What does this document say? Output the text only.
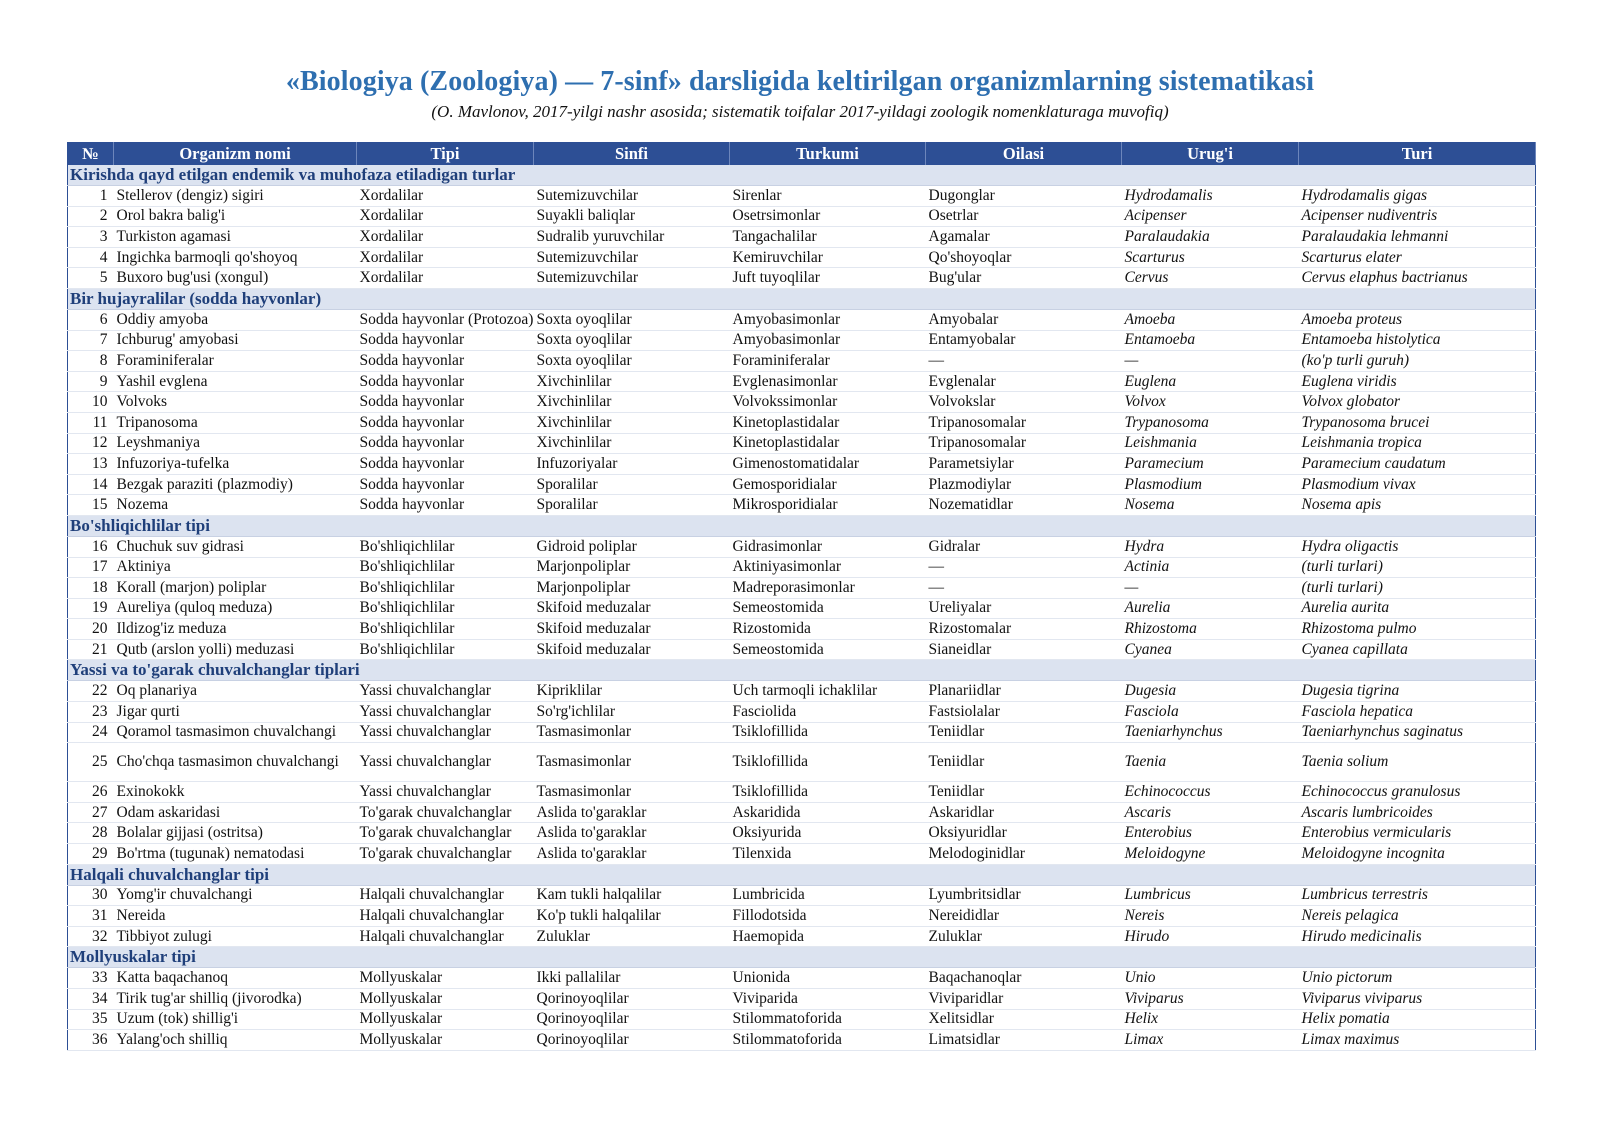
«Biologiya (Zoologiya) — 7-sinf» darsligida keltirilgan organizmlarning sistematikasi
(O. Mavlonov, 2017-yilgi nashr asosida; sistematik toifalar 2017-yildagi zoologik nomenklaturaga muvofiq)
№	Organizm nomi	Tipi	Sinfi	Turkumi	Oilasi	Urug'i	Turi
Kirishda qayd etilgan endemik va muhofaza etiladigan turlar							
1	Stellerov (dengiz) sigiri	Xordalilar	Sutemizuvchilar	Sirenlar	Dugonglar	Hydrodamalis	Hydrodamalis gigas
2	Orol bakra balig'i	Xordalilar	Suyakli baliqlar	Osetrsimonlar	Osetrlar	Acipenser	Acipenser nudiventris
3	Turkiston agamasi	Xordalilar	Sudralib yuruvchilar	Tangachalilar	Agamalar	Paralaudakia	Paralaudakia lehmanni
4	Ingichka barmoqli qo'shoyoq	Xordalilar	Sutemizuvchilar	Kemiruvchilar	Qo'shoyoqlar	Scarturus	Scarturus elater
5	Buxoro bug'usi (xongul)	Xordalilar	Sutemizuvchilar	Juft tuyoqlilar	Bug'ular	Cervus	Cervus elaphus bactrianus
Bir hujayralilar (sodda hayvonlar)							
6	Oddiy amyoba	Sodda hayvonlar (Protozoa)	Soxta oyoqlilar	Amyobasimonlar	Amyobalar	Amoeba	Amoeba proteus
7	Ichburug' amyobasi	Sodda hayvonlar	Soxta oyoqlilar	Amyobasimonlar	Entamyobalar	Entamoeba	Entamoeba histolytica
8	Foraminiferalar	Sodda hayvonlar	Soxta oyoqlilar	Foraminiferalar	—	—	(ko'p turli guruh)
9	Yashil evglena	Sodda hayvonlar	Xivchinlilar	Evglenasimonlar	Evglenalar	Euglena	Euglena viridis
10	Volvoks	Sodda hayvonlar	Xivchinlilar	Volvokssimonlar	Volvokslar	Volvox	Volvox globator
11	Tripanosoma	Sodda hayvonlar	Xivchinlilar	Kinetoplastidalar	Tripanosomalar	Trypanosoma	Trypanosoma brucei
12	Leyshmaniya	Sodda hayvonlar	Xivchinlilar	Kinetoplastidalar	Tripanosomalar	Leishmania	Leishmania tropica
13	Infuzoriya-tufelka	Sodda hayvonlar	Infuzoriyalar	Gimenostomatidalar	Parametsiylar	Paramecium	Paramecium caudatum
14	Bezgak paraziti (plazmodiy)	Sodda hayvonlar	Sporalilar	Gemosporidialar	Plazmodiylar	Plasmodium	Plasmodium vivax
15	Nozema	Sodda hayvonlar	Sporalilar	Mikrosporidialar	Nozematidlar	Nosema	Nosema apis
Bo'shliqichlilar tipi							
16	Chuchuk suv gidrasi	Bo'shliqichlilar	Gidroid poliplar	Gidrasimonlar	Gidralar	Hydra	Hydra oligactis
17	Aktiniya	Bo'shliqichlilar	Marjonpoliplar	Aktiniyasimonlar	—	Actinia	(turli turlari)
18	Korall (marjon) poliplar	Bo'shliqichlilar	Marjonpoliplar	Madreporasimonlar	—	—	(turli turlari)
19	Aureliya (quloq meduza)	Bo'shliqichlilar	Skifoid meduzalar	Semeostomida	Ureliyalar	Aurelia	Aurelia aurita
20	Ildizog'iz meduza	Bo'shliqichlilar	Skifoid meduzalar	Rizostomida	Rizostomalar	Rhizostoma	Rhizostoma pulmo
21	Qutb (arslon yolli) meduzasi	Bo'shliqichlilar	Skifoid meduzalar	Semeostomida	Sianeidlar	Cyanea	Cyanea capillata
Yassi va to'garak chuvalchanglar tiplari							
22	Oq planariya	Yassi chuvalchanglar	Kipriklilar	Uch tarmoqli ichaklilar	Planariidlar	Dugesia	Dugesia tigrina
23	Jigar qurti	Yassi chuvalchanglar	So'rg'ichlilar	Fasciolida	Fastsiolalar	Fasciola	Fasciola hepatica
24	Qoramol tasmasimon chuvalchangi	Yassi chuvalchanglar	Tasmasimonlar	Tsiklofillida	Teniidlar	Taeniarhynchus	Taeniarhynchus saginatus
25	Cho'chqa tasmasimon chuvalchangi	Yassi chuvalchanglar	Tasmasimonlar	Tsiklofillida	Teniidlar	Taenia	Taenia solium
26	Exinokokk	Yassi chuvalchanglar	Tasmasimonlar	Tsiklofillida	Teniidlar	Echinococcus	Echinococcus granulosus
27	Odam askaridasi	To'garak chuvalchanglar	Aslida to'garaklar	Askaridida	Askaridlar	Ascaris	Ascaris lumbricoides
28	Bolalar gijjasi (ostritsa)	To'garak chuvalchanglar	Aslida to'garaklar	Oksiyurida	Oksiyuridlar	Enterobius	Enterobius vermicularis
29	Bo'rtma (tugunak) nematodasi	To'garak chuvalchanglar	Aslida to'garaklar	Tilenxida	Melodoginidlar	Meloidogyne	Meloidogyne incognita
Halqali chuvalchanglar tipi							
30	Yomg'ir chuvalchangi	Halqali chuvalchanglar	Kam tukli halqalilar	Lumbricida	Lyumbritsidlar	Lumbricus	Lumbricus terrestris
31	Nereida	Halqali chuvalchanglar	Ko'p tukli halqalilar	Fillodotsida	Nereididlar	Nereis	Nereis pelagica
32	Tibbiyot zulugi	Halqali chuvalchanglar	Zuluklar	Haemopida	Zuluklar	Hirudo	Hirudo medicinalis
Mollyuskalar tipi							
33	Katta baqachanoq	Mollyuskalar	Ikki pallalilar	Unionida	Baqachanoqlar	Unio	Unio pictorum
34	Tirik tug'ar shilliq (jivorodka)	Mollyuskalar	Qorinoyoqlilar	Viviparida	Viviparidlar	Viviparus	Viviparus viviparus
35	Uzum (tok) shillig'i	Mollyuskalar	Qorinoyoqlilar	Stilommatoforida	Xelitsidlar	Helix	Helix pomatia
36	Yalang'och shilliq	Mollyuskalar	Qorinoyoqlilar	Stilommatoforida	Limatsidlar	Limax	Limax maximus
